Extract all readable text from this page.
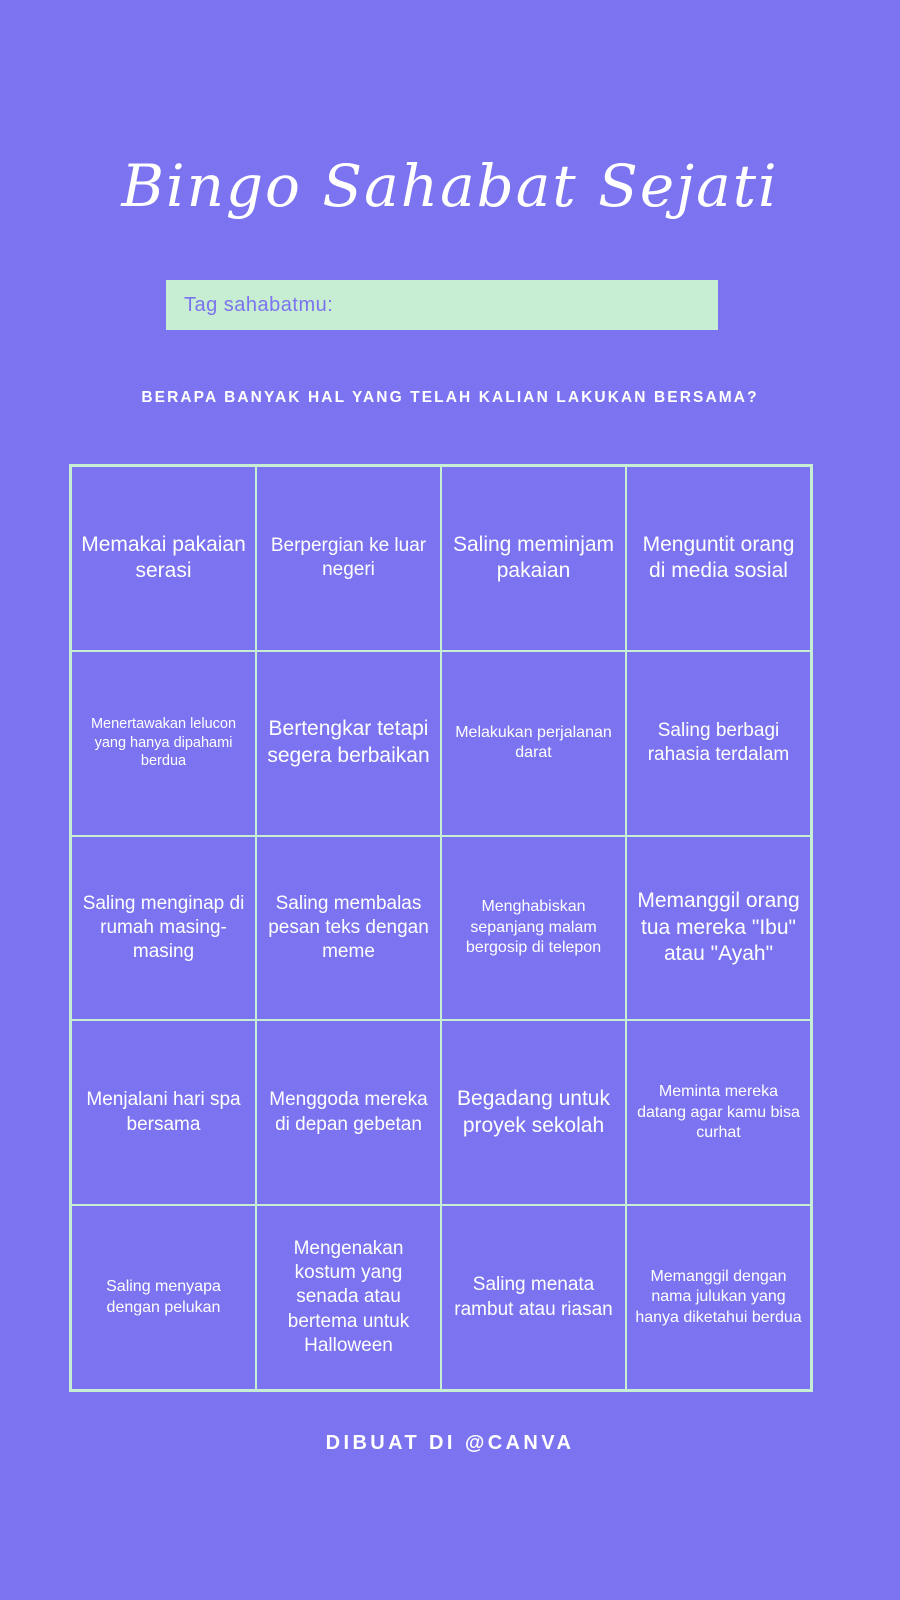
Bingo Sahabat Sejati
Tag sahabatmu:
BERAPA BANYAK HAL YANG TELAH KALIAN LAKUKAN BERSAMA?
Memakai pakaian serasi
Berpergian ke luar negeri
Saling meminjam pakaian
Menguntit orang di media sosial
Menertawakan lelucon yang hanya dipahami berdua
Bertengkar tetapi segera berbaikan
Melakukan perjalanan darat
Saling berbagi rahasia terdalam
Saling menginap di rumah masing-masing
Saling membalas pesan teks dengan meme
Menghabiskan sepanjang malam bergosip di telepon
Memanggil orang tua mereka "Ibu" atau "Ayah"
Menjalani hari spa bersama
Menggoda mereka di depan gebetan
Begadang untuk proyek sekolah
Meminta mereka datang agar kamu bisa curhat
Saling menyapa dengan pelukan
Mengenakan kostum yang senada atau bertema untuk Halloween
Saling menata rambut atau riasan
Memanggil dengan nama julukan yang hanya diketahui berdua
DIBUAT DI @CANVA
